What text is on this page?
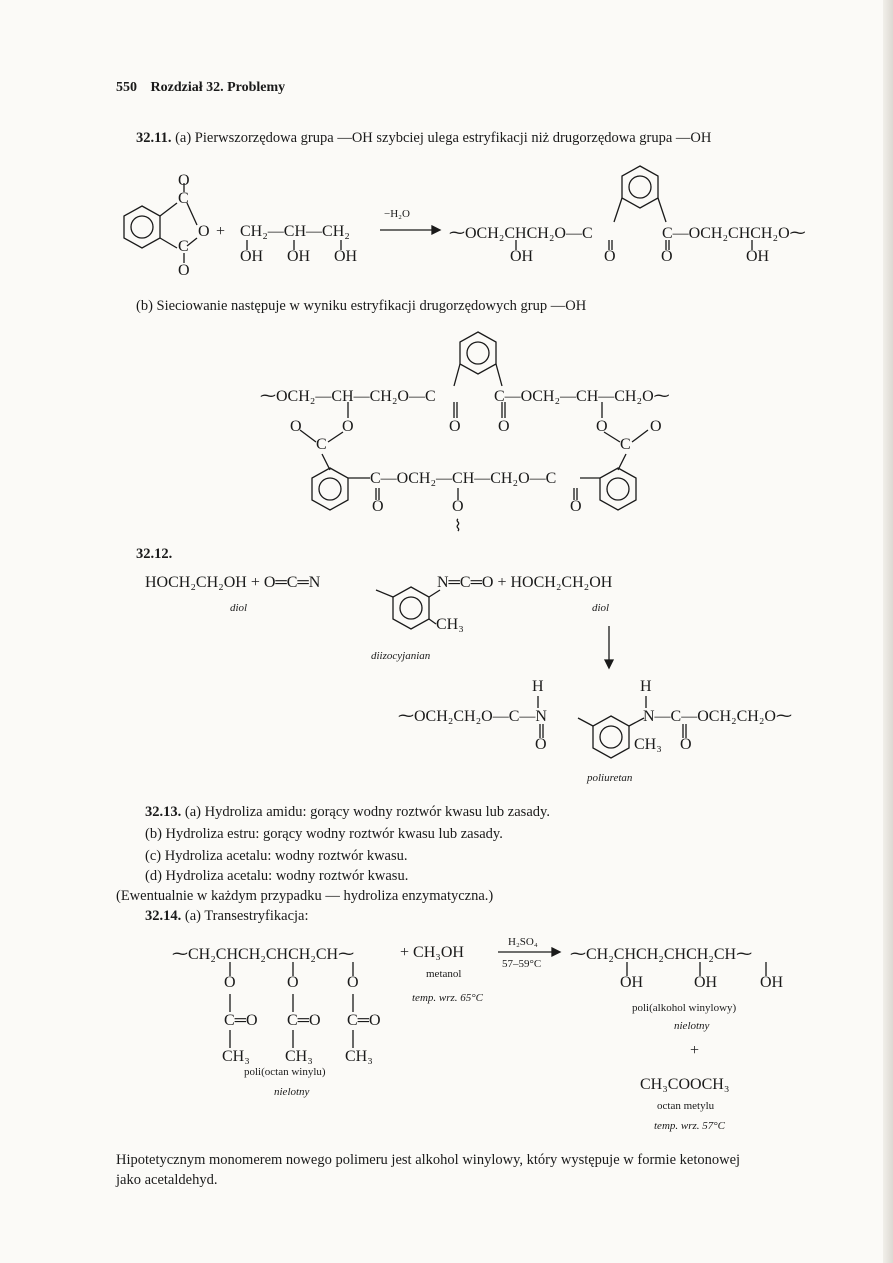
550 Rozdział 32. Problemy
32.11. (a) Pierwszorzędowa grupa —OH szybciej ulega estryfikacji niż drugorzędowa grupa —OH
O
C
O
C
O
+ CH₂—CH—CH₂
OH OH OH
−H₂O
⁓OCH₂CHCH₂O—C	C—OCH₂CHCH₂O⁓
OH	O	O	OH
(b) Sieciowanie następuje w wyniku estryfikacji drugorzędowych grup —OH
⁓OCH₂—CH—CH₂O—C	C—OCH₂—CH—CH₂O⁓
O	O	O O	O	O
C	C
C—OCH₂—CH—CH₂O—C
O	O	O
⌇
32.12.
HOCH₂CH₂OH + O═C═N	N═C═O + HOCH₂CH₂OH
diol	diol
CH₃
diizocyjanian
H	H
⁓OCH₂CH₂O—C—N	N—C—OCH₂CH₂O⁓
O	O
CH₃
poliuretan
32.13. (a) Hydroliza amidu: gorący wodny roztwór kwasu lub zasady.
(b) Hydroliza estru: gorący wodny roztwór kwasu lub zasady.
(c) Hydroliza acetalu: wodny roztwór kwasu.
(d) Hydroliza acetalu: wodny roztwór kwasu.
(Ewentualnie w każdym przypadku — hydroliza enzymatyczna.)
32.14. (a) Transestryfikacja:
⁓CH₂CHCH₂CHCH₂CH⁓	+ CH₃OH
H₂SO₄
57–59°C
metanol
temp. wrz. 65°C
O	O	O
C═O C═O C═O
CH₃ CH₃ CH₃
poli(octan winylu)
nielotny
⁓CH₂CHCH₂CHCH₂CH⁓
OH	OH	OH
poli(alkohol winylowy)
nielotny
+
CH₃COOCH₃
octan metylu
temp. wrz. 57°C
Hipotetycznym monomerem nowego polimeru jest alkohol winylowy, który występuje w formie ketonowej
jako acetaldehyd.
